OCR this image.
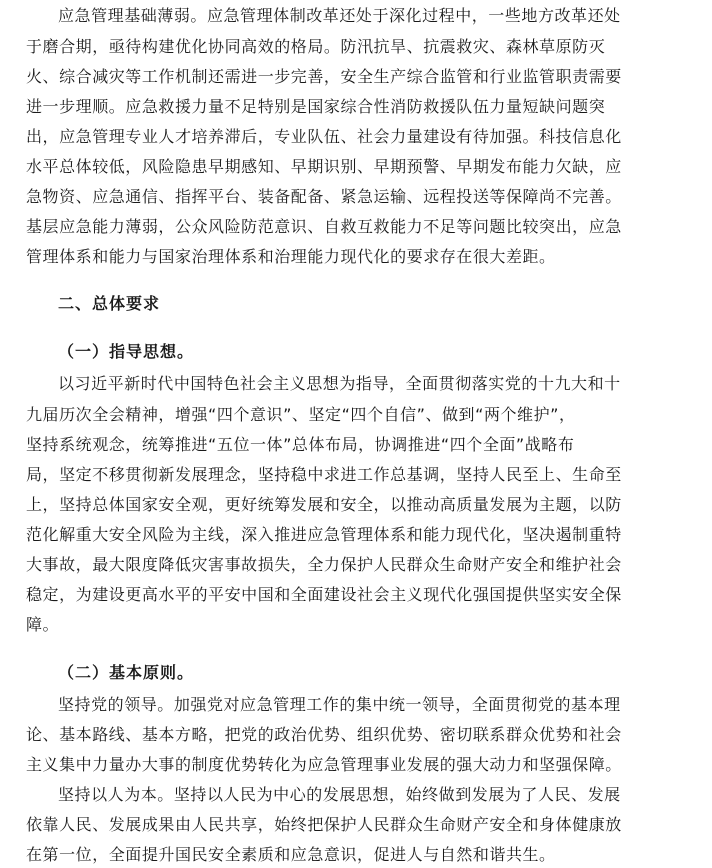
应急管理基础薄弱。应急管理体制改革还处于深化过程中，一些地方改革还处
于磨合期，亟待构建优化协同高效的格局。防汛抗旱、抗震救灾、森林草原防灭
火、综合减灾等工作机制还需进一步完善，安全生产综合监管和行业监管职责需要
进一步理顺。应急救援力量不足特别是国家综合性消防救援队伍力量短缺问题突
出，应急管理专业人才培养滞后，专业队伍、社会力量建设有待加强。科技信息化
水平总体较低，风险隐患早期感知、早期识别、早期预警、早期发布能力欠缺，应
急物资、应急通信、指挥平台、装备配备、紧急运输、远程投送等保障尚不完善。
基层应急能力薄弱，公众风险防范意识、自救互救能力不足等问题比较突出，应急
管理体系和能力与国家治理体系和治理能力现代化的要求存在很大差距。
二、总体要求
（一）指导思想。
以习近平新时代中国特色社会主义思想为指导，全面贯彻落实党的十九大和十
九届历次全会精神，增强“四个意识”、坚定“四个自信”、做到“两个维护”，
坚持系统观念，统筹推进“五位一体”总体布局，协调推进“四个全面”战略布
局，坚定不移贯彻新发展理念，坚持稳中求进工作总基调，坚持人民至上、生命至
上，坚持总体国家安全观，更好统筹发展和安全，以推动高质量发展为主题，以防
范化解重大安全风险为主线，深入推进应急管理体系和能力现代化，坚决遏制重特
大事故，最大限度降低灾害事故损失，全力保护人民群众生命财产安全和维护社会
稳定，为建设更高水平的平安中国和全面建设社会主义现代化强国提供坚实安全保
障。
（二）基本原则。
坚持党的领导。加强党对应急管理工作的集中统一领导，全面贯彻党的基本理
论、基本路线、基本方略，把党的政治优势、组织优势、密切联系群众优势和社会
主义集中力量办大事的制度优势转化为应急管理事业发展的强大动力和坚强保障。
坚持以人为本。坚持以人民为中心的发展思想，始终做到发展为了人民、发展
依靠人民、发展成果由人民共享，始终把保护人民群众生命财产安全和身体健康放
在第一位，全面提升国民安全素质和应急意识，促进人与自然和谐共生。
